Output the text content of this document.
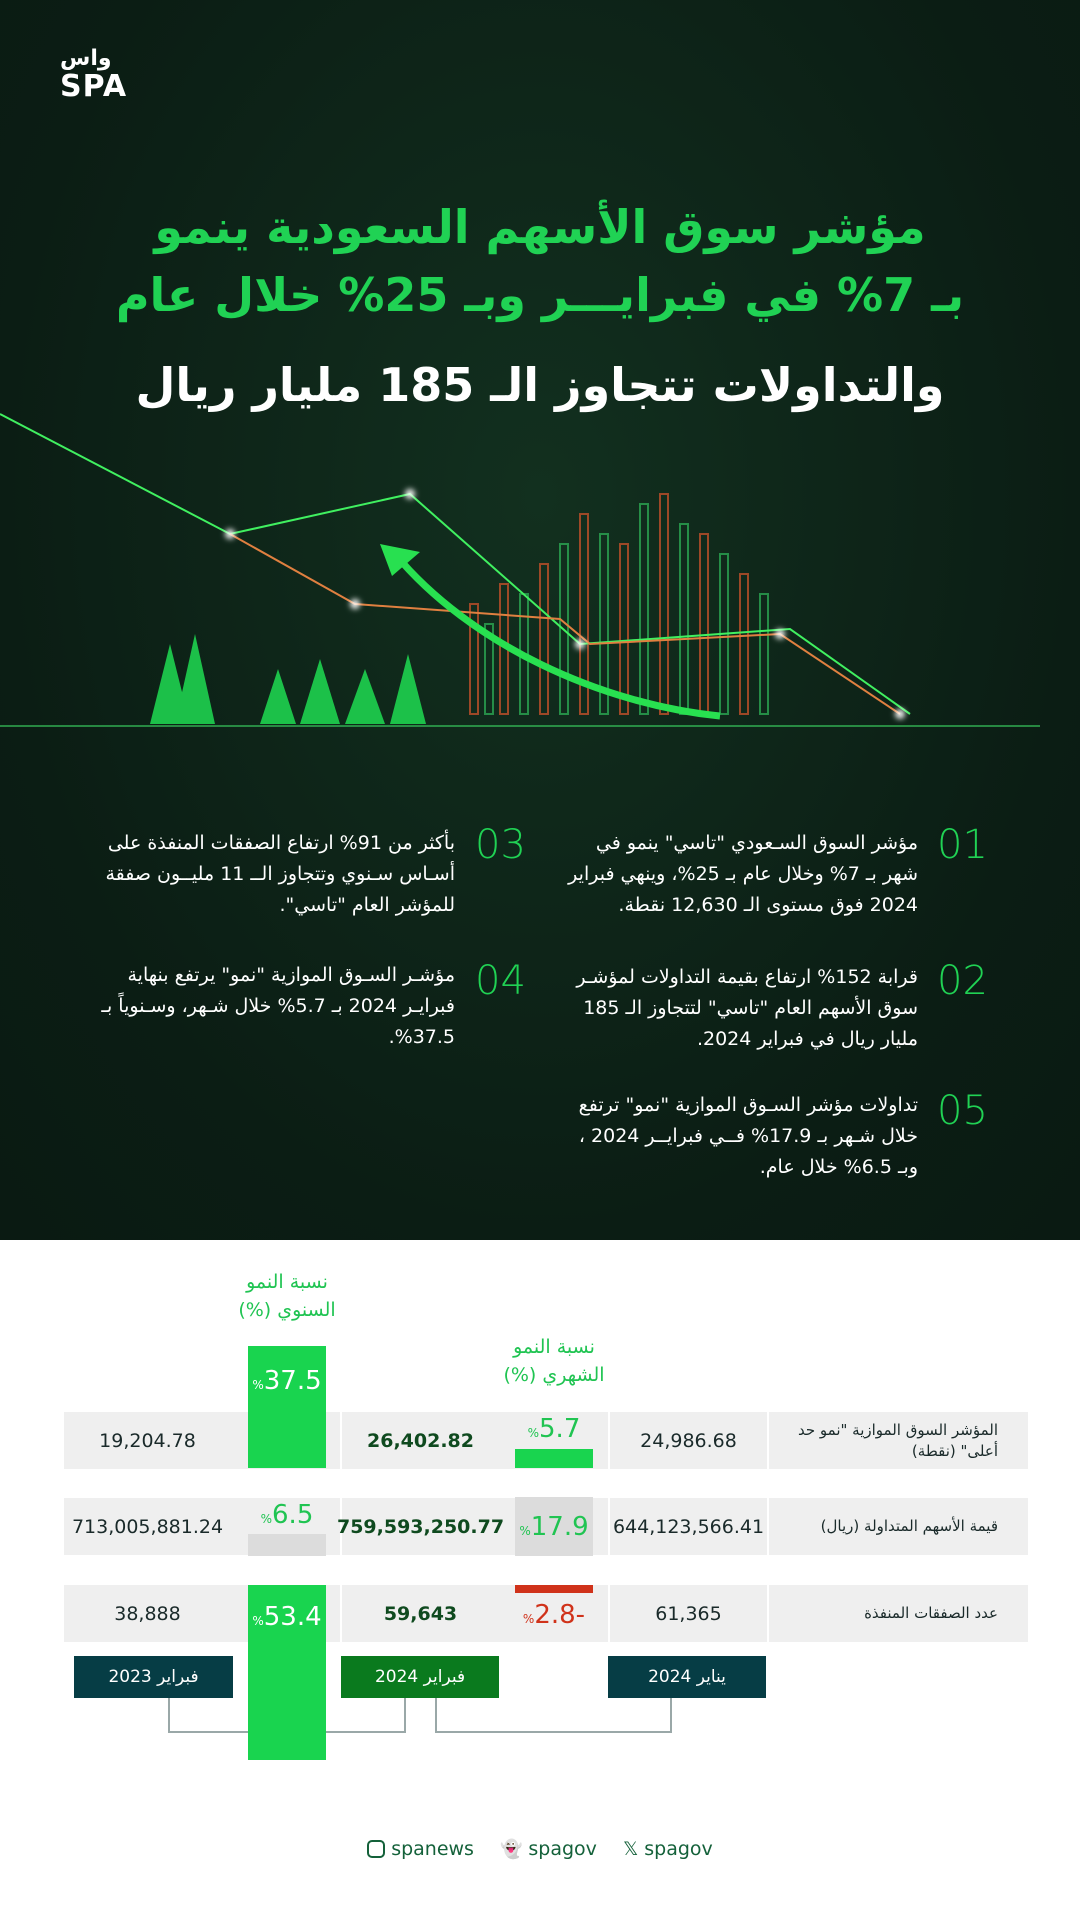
واس
SPA
مؤشر سوق الأسهم السعودية ينمو
بـ 7% في فبرايـــر وبـ 25% خلال عام
والتداولات تتجاوز الـ 185 مليار ريال
01
مؤشر السوق السـعودي "تاسي" ينمو في شهر بـ 7% وخلال عام بـ 25%، وينهي فبراير 2024 فوق مستوى الـ 12,630 نقطة.
02
قرابة 152% ارتفاع بقيمة التداولات لمؤشـر سوق الأسهم العام "تاسي" لتتجاوز الـ 185 مليار ريال في فبراير 2024.
05
تداولات مؤشر السـوق الموازية "نمو" ترتفع خلال شـهر بـ 17.9% فــي فبرايــر 2024 ، وبـ 6.5% خلال عام.
03
بأكثر من 91% ارتفاع الصفقات المنفذة على أسـاس سـنوي وتتجاوز الــ 11 مليــون صفقة للمؤشر العام "تاسي".
04
مؤشـر السـوق الموازية "نمو" يرتفع بنهاية فبرايـر 2024 بـ 5.7% خلال شـهر، وسـنوياً بـ 37.5%.
نسبة النمو السنوي (%)
نسبة النمو الشهري (%)
المؤشر السوق الموازية "نمو حد أعلى" (نقطة)
24,986.68
26,402.82
19,204.78
قيمة الأسهم المتداولة (ريال)
644,123,566.41
759,593,250.77
713,005,881.24
عدد الصفقات المنفذة
61,365
59,643
38,888
%37.5
%6.5
%53.4
%5.7
%17.9
%2.8-
فبراير 2023	فبراير 2024	يناير 2024
spanews 👻 spagov 𝕏 spagov
